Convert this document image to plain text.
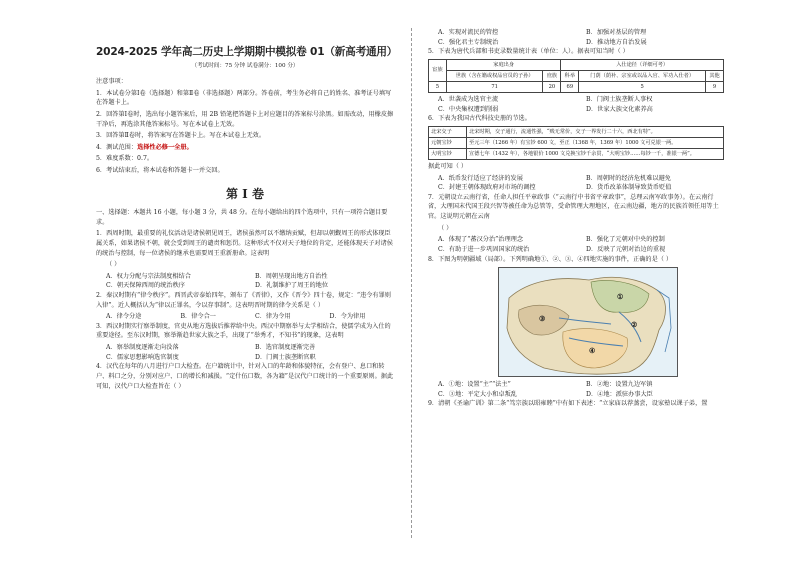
2024-2025 学年高二历史上学期期中模拟卷 01（新高考通用）
（考试时间：75 分钟 试卷满分：100 分）
注意事项：
1．本试卷分第Ⅰ卷（选择题）和第Ⅱ卷（非选择题）两部分。答卷前，考生务必将自己的姓名、准考证号填写在答题卡上。
2．回答第Ⅰ卷时，选出每小题答案后，用 2B 铅笔把答题卡上对应题目的答案标号涂黑。如需改动，用橡皮擦干净后，再选涂其他答案标号。写在本试卷上无效。
3．回答第Ⅱ卷时，将答案写在答题卡上。写在本试卷上无效。
4．测试范围：选择性必修一全册。
5．难度系数：0.7。
6．考试结束后，将本试卷和答题卡一并交回。
第 Ⅰ 卷
一、选择题：本题共 16 小题，每小题 3 分，共 48 分。在每小题给出的四个选项中，只有一项符合题目要求。
1．西周时期，最重要的礼仪活动是诸侯朝见周王，诸侯虽然可以不缴纳贡赋，但却以朝觐周王的形式体现臣属关系，如果诸侯不朝，就会受到周王的谴责和惩罚。这种形式不仅对天子地位的肯定，还能体现天子对诸侯的统治与控制，每一位诸侯的继承也需要周王重新册命。这表明
（ ）
A．权力分配与宗法制度相结合	B．周朝呈现出地方自治性
C．朝天保障西周的统治秩序	D．礼制维护了周王的地位
2．秦汉时期有“律令秩序”。西晋武帝泰始四年，颁布了《晋律》，又作《晋令》四十卷，规定：“违令有罪则入律”。近人概括认为“律以正罪名，令以存事制”。这表明晋时期的律令关系是（ ）
A．律令分途	B．律令合一	C．律为令用	D．令为律用
3．西汉时期实行察举制度，官吏从地方选拔后推荐给中央。西汉中期察举与太学相结合，使儒学成为入仕的重要途径。至东汉时期，察举渐趋世家大族之手，出现了“举秀才，不知书”的现象，这表明
A．察举制度逐渐走向没落	B．选官制度逐渐完善
C．儒家思想影响选官制度	D．门阀士族垄断官职
4．汉代在每年的八月进行户口大检查。在户籍统计中，针对入口的年龄和体貌特征，会有登户、息口和转户、料口之分，分别对应户、口的增长和减损。“定什伍口数，各为籍”是汉代户口统计的一个重要原则。据此可知，汉代户口大检查旨在（ ）
A．实现对流民的管控	B．加强对基层的管理
C．强化君主专制统治	D．推动地方自治发展
5．下表为唐代兵部和书吏录数量统计表（单位：人）。据表可知当时（ ）
宦族	家庭出身		入仕途径（详细可考）		
	世族（含在籍或权品官员的子孙）	庶族	科举	门荫（荫补、宗室或以品入官、军功入仕者）	其他
5	71	20	69	5	9
A．世袭成为选官主流	B．门阀士族垄断人事权
C．中央集权遭到削弱	D．世家大族文化素养高
6．下表为我国古代科技史册的节选。
北宋交子	北宋时期，交子通行，流通性强，“贱无常价，交子一界发行二十六，西北有特”。
元朝宝钞	至元三年（1266 年）有宝钞 600 文，至正（1368 年，1369 年）1000 文可兑银一两。
大明宝钞	宣德七年（1432 年），各地银价 1000 文兑换宝钞千余贯，“大明宝钞……每钞一千，准银一两”。
据此可知（ ）
A．纸币发行适应了经济的发展	B．周朝时的经济危机难以避免
C．封建王朝体现政府对市场的调控	D．货币改革体制导致货币贬值
7．元朝设立云南行省，任命人担任平章政事（“云南行中书省平章政事”，总理云南军政事务）。在云南行省，大理国末代国王段兴智等被任命为总管等，受命管理大理地区，在云南边疆，地方的民族首领任用等土官。这说明元朝在云南
（ ）
A．体现了“蕃汉分治”治理理念	B．强化了元朝对中央的控制
C．有助于进一步巩固国家的统治	D．反映了元朝对治边的重视
8．下图为明朝疆域（局部）。下列明确地①、②、③、④四地实施的事件，正确的是（ ）
①
②
③
④
A．①地：设置“主”“法主”	B．②地：设置九边军镇
C．③地：平定大小和卓叛乱	D．④地：派驻办事大臣
9．清朝《圣谕广训》第二条“笃宗族以昭雍睦”中有如下表述：“立家庙以荐蒸尝，设家塾以课子弟，置
